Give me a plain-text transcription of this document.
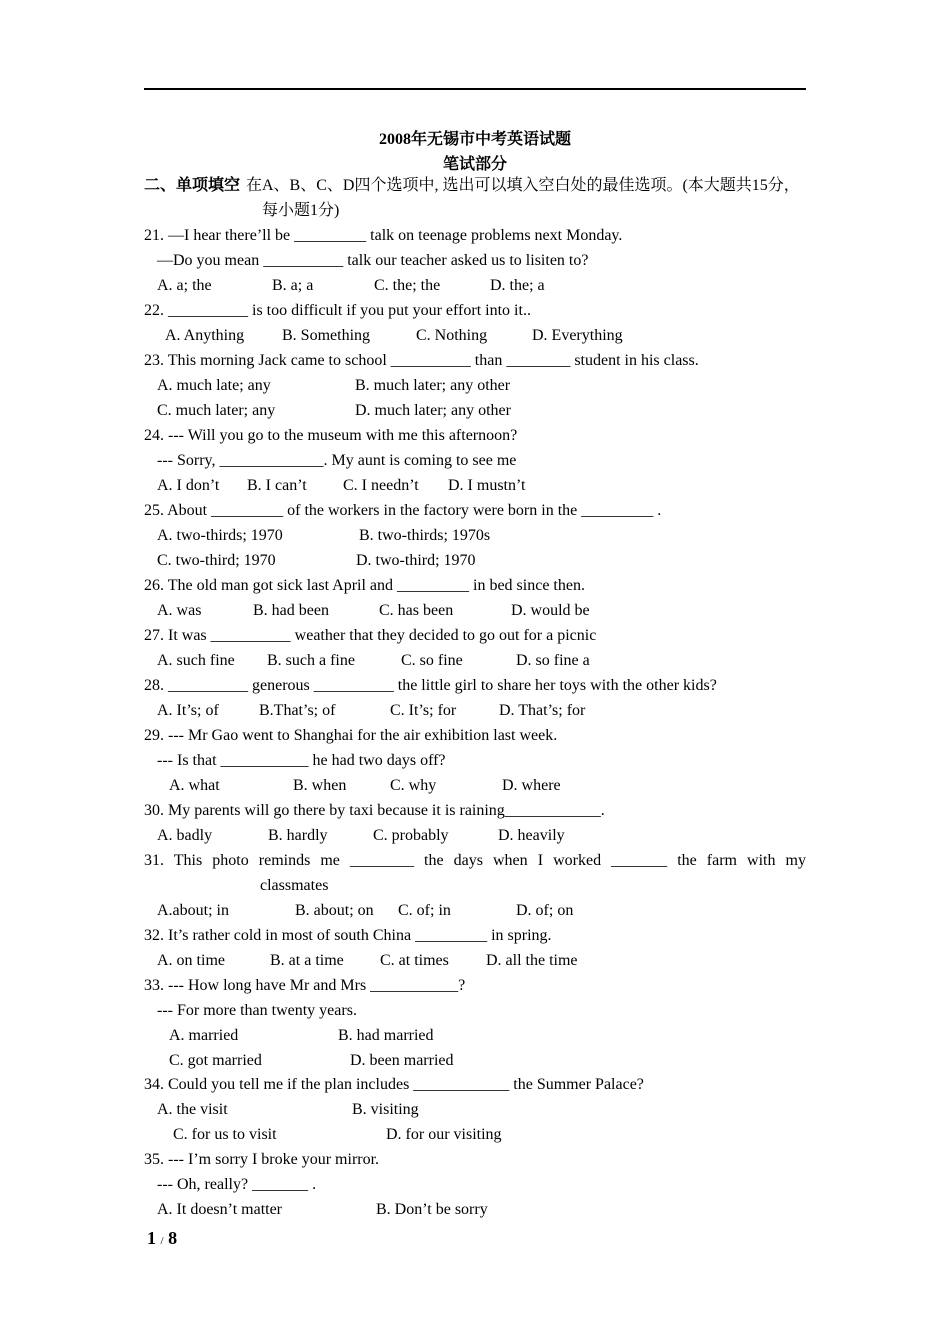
2008年无锡市中考英语试题
笔试部分
二、单项填空 在A、B、C、D四个选项中, 选出可以填入空白处的最佳选项。(本大题共15分，
每小题1分)
21. —I hear there’ll be _________ talk on teenage problems next Monday.
—Do you mean __________ talk our teacher asked us to lisiten to?
A. a; the	B. a; a	C. the; the	D. the; a
22. __________ is too difficult if you put your effort into it..
A. Anything B. Something	C. Nothing	D. Everything
23. This morning Jack came to school __________ than ________ student in his class.
A. much late; any	B. much later; any other
C. much later; any	D. much later; any other
24. --- Will you go to the museum with me this afternoon?
--- Sorry, _____________. My aunt is coming to see me
A. I don’t B. I can’t C. I needn’t D. I mustn’t
25. About _________ of the workers in the factory were born in the _________ .
A. two-thirds; 1970	B. two-thirds; 1970s
C. two-third; 1970	D. two-third; 1970
26. The old man got sick last April and _________ in bed since then.
A. was	B. had been	C. has been	D. would be
27. It was __________ weather that they decided to go out for a picnic
A. such fine B. such a fine	C. so fine	D. so fine a
28. __________ generous __________ the little girl to share her toys with the other kids?
A. It’s; of	B.That’s; of	C. It’s; for	D. That’s; for
29. --- Mr Gao went to Shanghai for the air exhibition last week.
--- Is that ___________ he had two days off?
A. what	B. when	C. why	D. where
30. My parents will go there by taxi because it is raining____________.
A. badly	B. hardly	C. probably	D. heavily
31. This photo reminds me ________ the days when I worked _______ the farm with my
classmates
A.about; in	B. about; on C. of; in	D. of; on
32. It’s rather cold in most of south China _________ in spring.
A. on time	B. at a time C. at times D. all the time
33. --- How long have Mr and Mrs ___________?
--- For more than twenty years.
A. married	B. had married
C. got married	D. been married
34. Could you tell me if the plan includes ____________ the Summer Palace?
A. the visit	B. visiting
C. for us to visit	D. for our visiting
35. --- I’m sorry I broke your mirror.
--- Oh, really? _______ .
A. It doesn’t matter	B. Don’t be sorry
1 / 8
